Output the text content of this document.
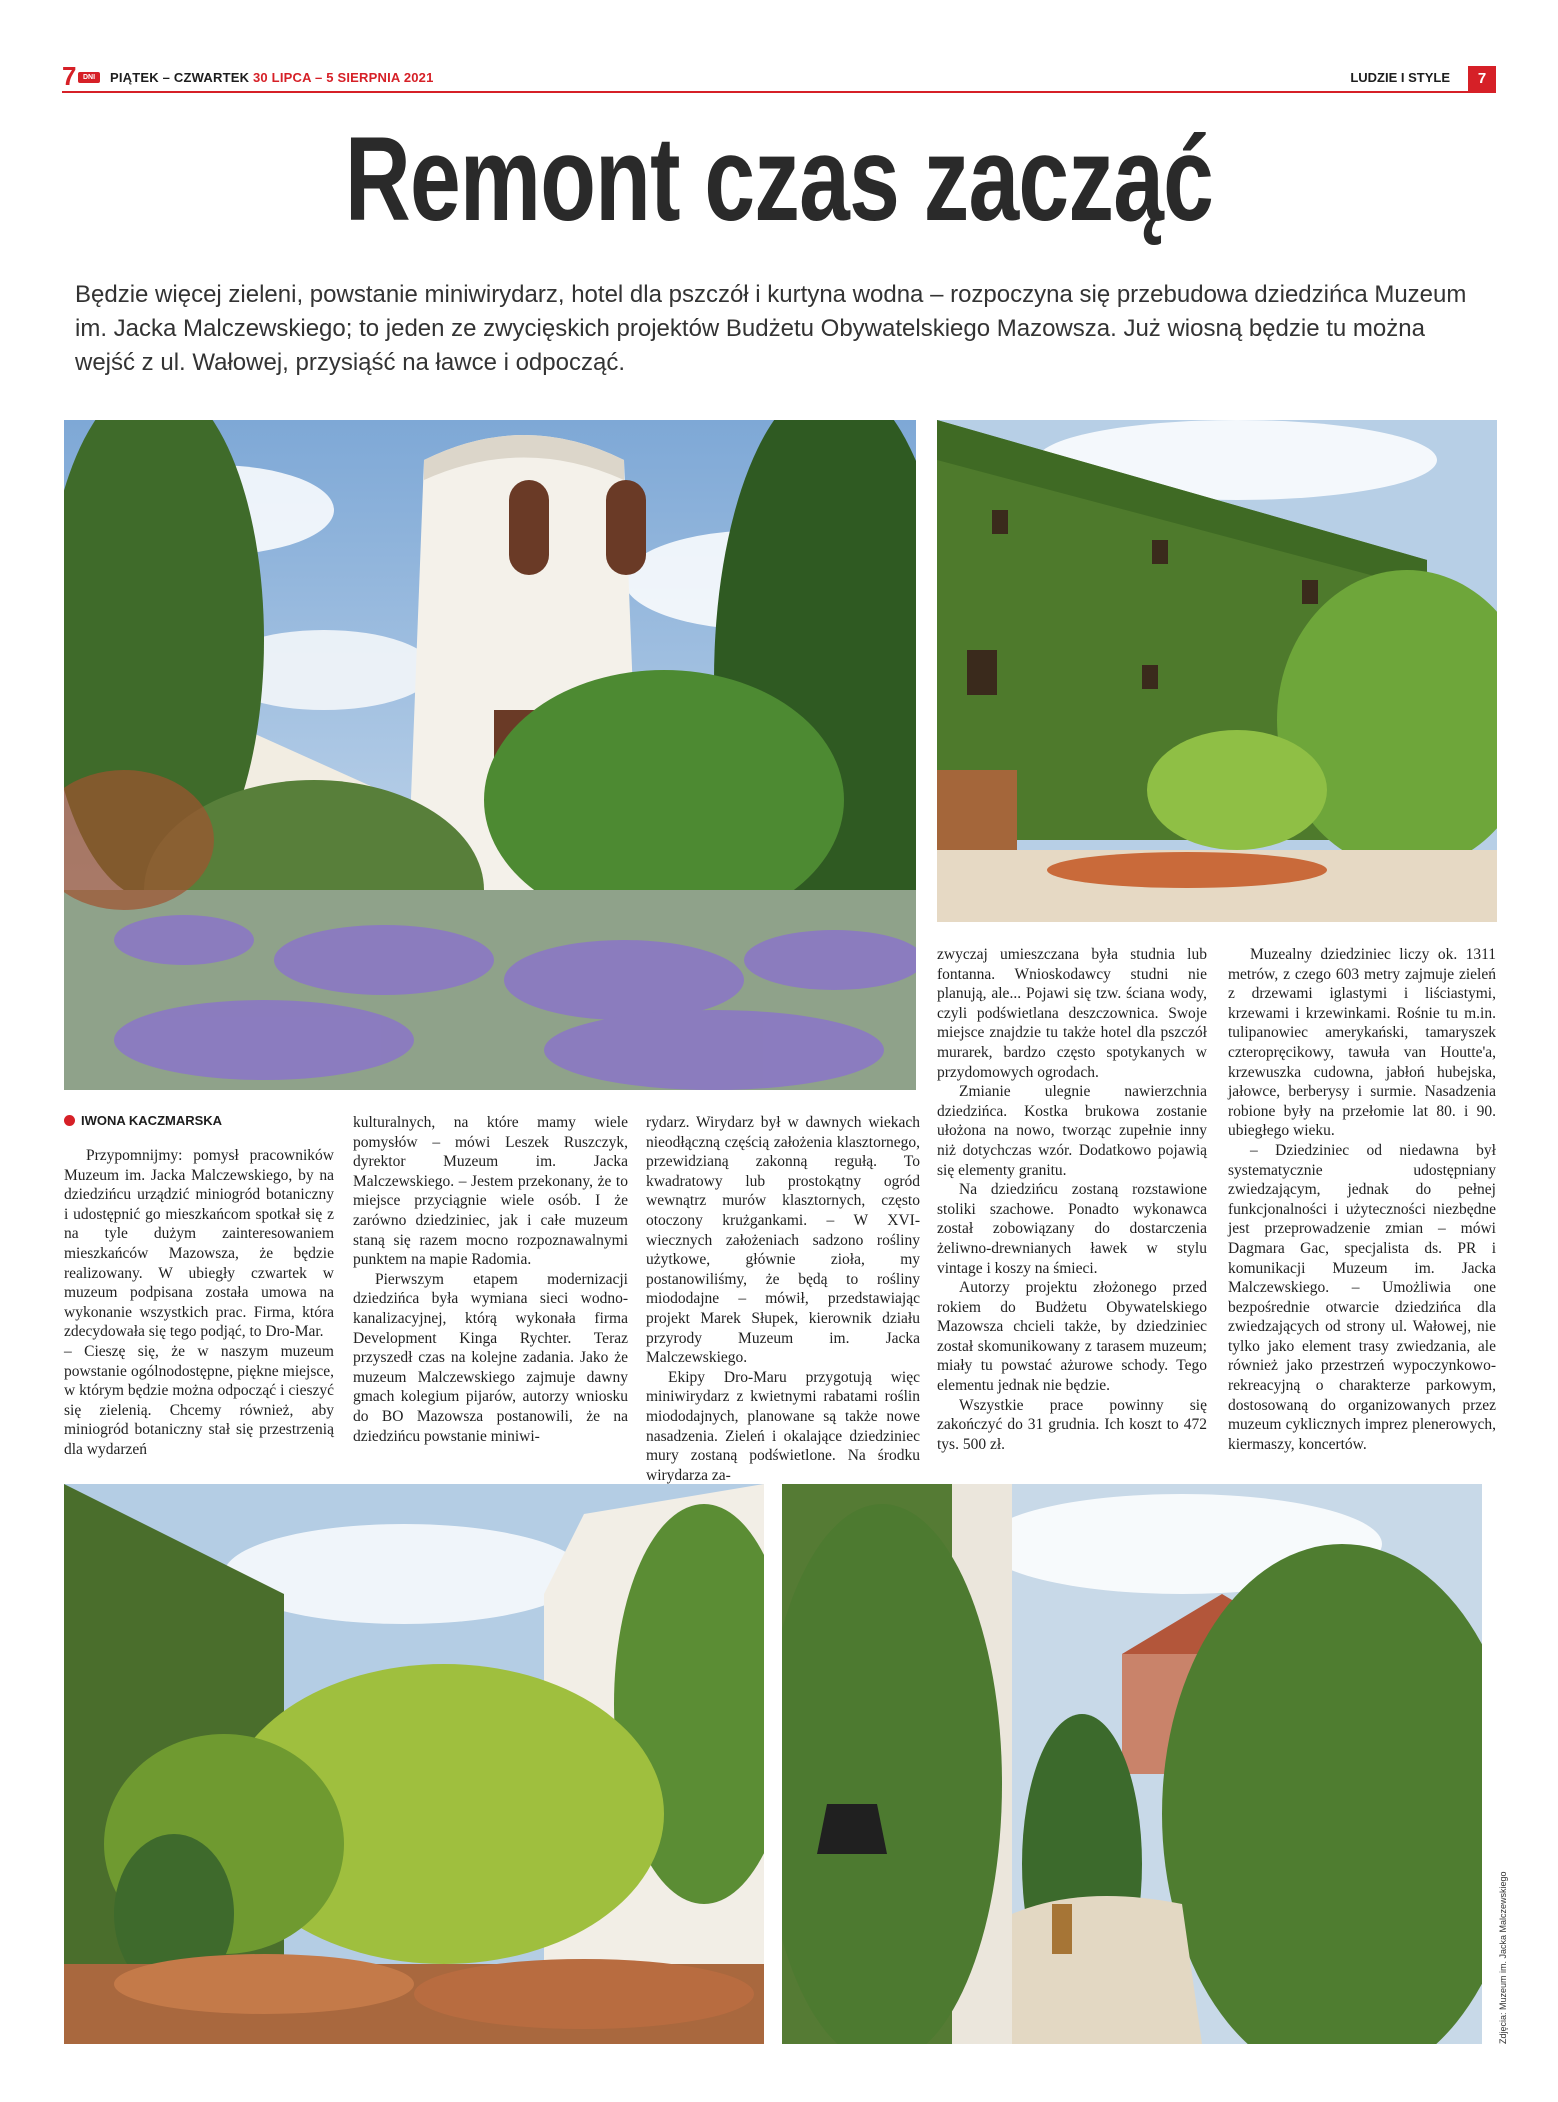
7 DNI	PIĄTEK – CZWARTEK 30 LIPCA – 5 SIERPNIA 2021	LUDZIE I STYLE	7
Remont czas zacząć
Będzie więcej zieleni, powstanie miniwirydarz, hotel dla pszczół i kurtyna wodna – rozpoczyna się przebudowa dziedzińca Muzeum im. Jacka Malczewskiego; to jeden ze zwycięskich projektów Budżetu Obywatelskiego Mazowsza. Już wiosną będzie tu można wejść z ul. Wałowej, przysiąść na ławce i odpocząć.
Zdjęcia: Muzeum im. Jacka Malczewskiego
IWONA KACZMARSKA

Przypomnijmy: pomysł pracowników Muzeum im. Jacka Malczewskiego, by na dziedzińcu urządzić miniogród botaniczny i udostępnić go mieszkańcom spotkał się z na tyle dużym zainteresowaniem mieszkańców Mazowsza, że będzie realizowany. W ubiegły czwartek w muzeum podpisana została umowa na wykonanie wszystkich prac. Firma, która zdecydowała się tego podjąć, to Dro-Mar.

– Cieszę się, że w naszym muzeum powstanie ogólnodostępne, piękne miejsce, w którym będzie można odpocząć i cieszyć się zielenią. Chcemy również, aby miniogród botaniczny stał się przestrzenią dla wydarzeń

kulturalnych, na które mamy wiele pomysłów – mówi Leszek Ruszczyk, dyrektor Muzeum im. Jacka Malczewskiego. – Jestem przekonany, że to miejsce przyciągnie wiele osób. I że zarówno dziedziniec, jak i całe muzeum staną się razem mocno rozpoznawalnymi punktem na mapie Radomia.

Pierwszym etapem modernizacji dziedzińca była wymiana sieci wodno-kanalizacyjnej, którą wykonała firma Development Kinga Rychter. Teraz przyszedł czas na kolejne zadania. Jako że muzeum Malczewskiego zajmuje dawny gmach kolegium pijarów, autorzy wniosku do BO Mazowsza postanowili, że na dziedzińcu powstanie miniwi-

rydarz. Wirydarz był w dawnych wiekach nieodłączną częścią założenia klasztornego, przewidzianą zakonną regułą. To kwadratowy lub prostokątny ogród wewnątrz murów klasztornych, często otoczony krużgankami. – W XVI-wiecznych założeniach sadzono rośliny użytkowe, głównie zioła, my postanowiliśmy, że będą to rośliny miododajne – mówił, przedstawiając projekt Marek Słupek, kierownik działu przyrody Muzeum im. Jacka Malczewskiego.

Ekipy Dro-Maru przygotują więc miniwirydarz z kwietnymi rabatami roślin miododajnych, planowane są także nowe nasadzenia. Zieleń i okalające dziedziniec mury zostaną podświetlone. Na środku wirydarza za-

zwyczaj umieszczana była studnia lub fontanna. Wnioskodawcy studni nie planują, ale... Pojawi się tzw. ściana wody, czyli podświetlana deszczownica. Swoje miejsce znajdzie tu także hotel dla pszczół murarek, bardzo często spotykanych w przydomowych ogrodach.

Zmianie ulegnie nawierzchnia dziedzińca. Kostka brukowa zostanie ułożona na nowo, tworząc zupełnie inny niż dotychczas wzór. Dodatkowo pojawią się elementy granitu.

Na dziedzińcu zostaną rozstawione stoliki szachowe. Ponadto wykonawca został zobowiązany do dostarczenia żeliwno-drewnianych ławek w stylu vintage i koszy na śmieci.

Autorzy projektu złożonego przed rokiem do Budżetu Obywatelskiego Mazowsza chcieli także, by dziedziniec został skomunikowany z tarasem muzeum; miały tu powstać ażurowe schody. Tego elementu jednak nie będzie.

Wszystkie prace powinny się zakończyć do 31 grudnia. Ich koszt to 472 tys. 500 zł.

Muzealny dziedziniec liczy ok. 1311 metrów, z czego 603 metry zajmuje zieleń z drzewami iglastymi i liściastymi, krzewami i krzewinkami. Rośnie tu m.in. tulipanowiec amerykański, tamaryszek czteropręcikowy, tawuła van Houtte'a, krzewuszka cudowna, jabłoń hubejska, jałowce, berberysy i surmie. Nasadzenia robione były na przełomie lat 80. i 90. ubiegłego wieku.

– Dziedziniec od niedawna był systematycznie udostępniany zwiedzającym, jednak do pełnej funkcjonalności i użyteczności niezbędne jest przeprowadzenie zmian – mówi Dagmara Gac, specjalista ds. PR i komunikacji Muzeum im. Jacka Malczewskiego. – Umożliwia one bezpośrednie otwarcie dziedzińca dla zwiedzających od strony ul. Wałowej, nie tylko jako element trasy zwiedzania, ale również jako przestrzeń wypoczynkowo-rekreacyjną o charakterze parkowym, dostosowaną do organizowanych przez muzeum cyklicznych imprez plenerowych, kiermaszy, koncertów.
